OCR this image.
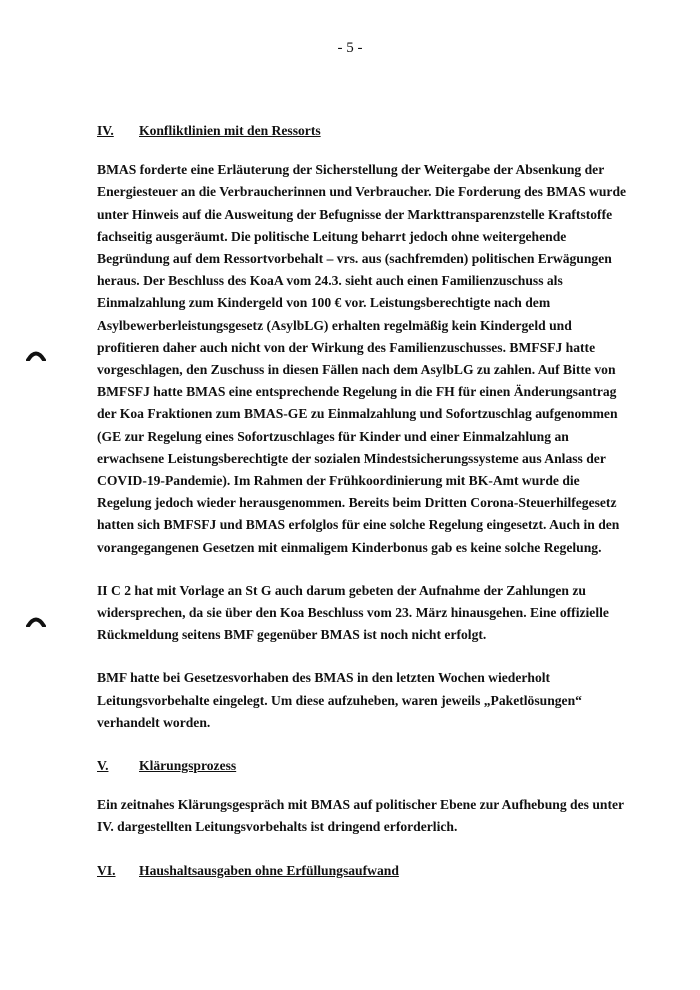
- 5 -
IV. Konfliktlinien mit den Ressorts

BMAS forderte eine Erläuterung der Sicherstellung der Weitergabe der Absenkung der Energiesteuer an die Verbraucherinnen und Verbraucher. Die Forderung des BMAS wurde unter Hinweis auf die Ausweitung der Befugnisse der Markttransparenzstelle Kraftstoffe fachseitig ausgeräumt. Die politische Leitung beharrt jedoch ohne weitergehende Begründung auf dem Ressortvorbehalt – vrs. aus (sachfremden) politischen Erwägungen heraus. Der Beschluss des KoaA vom 24.3. sieht auch einen Familienzuschuss als Einmalzahlung zum Kindergeld von 100 € vor. Leistungsberechtigte nach dem Asylbewerberleistungsgesetz (AsylbLG) erhalten regelmäßig kein Kindergeld und profitieren daher auch nicht von der Wirkung des Familienzuschusses. BMFSFJ hatte vorgeschlagen, den Zuschuss in diesen Fällen nach dem AsylbLG zu zahlen. Auf Bitte von BMFSFJ hatte BMAS eine entsprechende Regelung in die FH für einen Änderungsantrag der Koa Fraktionen zum BMAS-GE zu Einmalzahlung und Sofortzuschlag aufgenommen (GE zur Regelung eines Sofortzuschlages für Kinder und einer Einmalzahlung an erwachsene Leistungsberechtigte der sozialen Mindestsicherungssysteme aus Anlass der COVID-19-Pandemie). Im Rahmen der Frühkoordinierung mit BK-Amt wurde die Regelung jedoch wieder herausgenommen. Bereits beim Dritten Corona-Steuerhilfegesetz hatten sich BMFSFJ und BMAS erfolglos für eine solche Regelung eingesetzt. Auch in den vorangegangenen Gesetzen mit einmaligem Kinderbonus gab es keine solche Regelung.

II C 2 hat mit Vorlage an St G auch darum gebeten der Aufnahme der Zahlungen zu widersprechen, da sie über den Koa Beschluss vom 23. März hinausgehen. Eine offizielle Rückmeldung seitens BMF gegenüber BMAS ist noch nicht erfolgt.

BMF hatte bei Gesetzesvorhaben des BMAS in den letzten Wochen wiederholt Leitungsvorbehalte eingelegt. Um diese aufzuheben, waren jeweils „Paketlösungen“ verhandelt worden.

V. Klärungsprozess

Ein zeitnahes Klärungsgespräch mit BMAS auf politischer Ebene zur Aufhebung des unter IV. dargestellten Leitungsvorbehalts ist dringend erforderlich.

VI. Haushaltsausgaben ohne Erfüllungsaufwand
